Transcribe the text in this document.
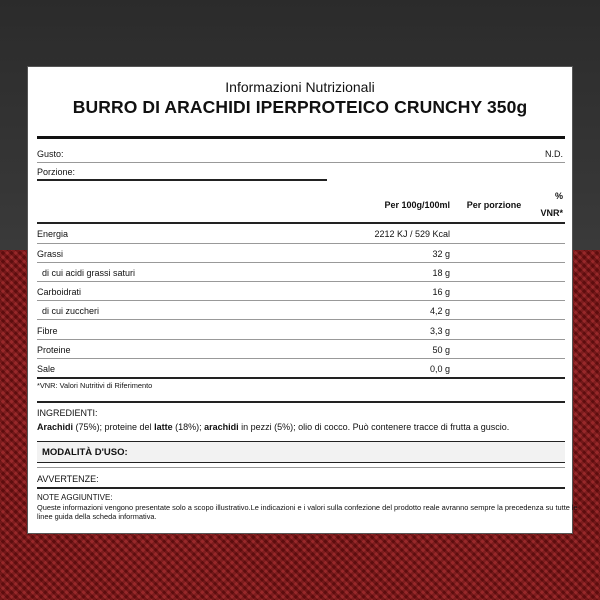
Informazioni Nutrizionali
BURRO DI ARACHIDI IPERPROTEICO CRUNCHY 350g
Gusto:	N.D.
Porzione:
Per 100g/100ml	Per porzione
%
VNR*
Energia	2212 KJ / 529 Kcal
Grassi	32 g
di cui acidi grassi saturi	18 g
Carboidrati	16 g
di cui zuccheri	4,2 g
Fibre	3,3 g
Proteine	50 g
Sale	0,0 g
*VNR: Valori Nutritivi di Riferimento
INGREDIENTI:
Arachidi (75%); proteine del latte (18%); arachidi in pezzi (5%); olio di cocco. Può contenere tracce di frutta a guscio.
MODALITÀ D'USO:
AVVERTENZE:
NOTE AGGIUNTIVE:
Queste informazioni vengono presentate solo a scopo illustrativo.Le indicazioni e i valori sulla confezione del prodotto reale avranno sempre la precedenza su tutte le
linee guida della scheda informativa.
